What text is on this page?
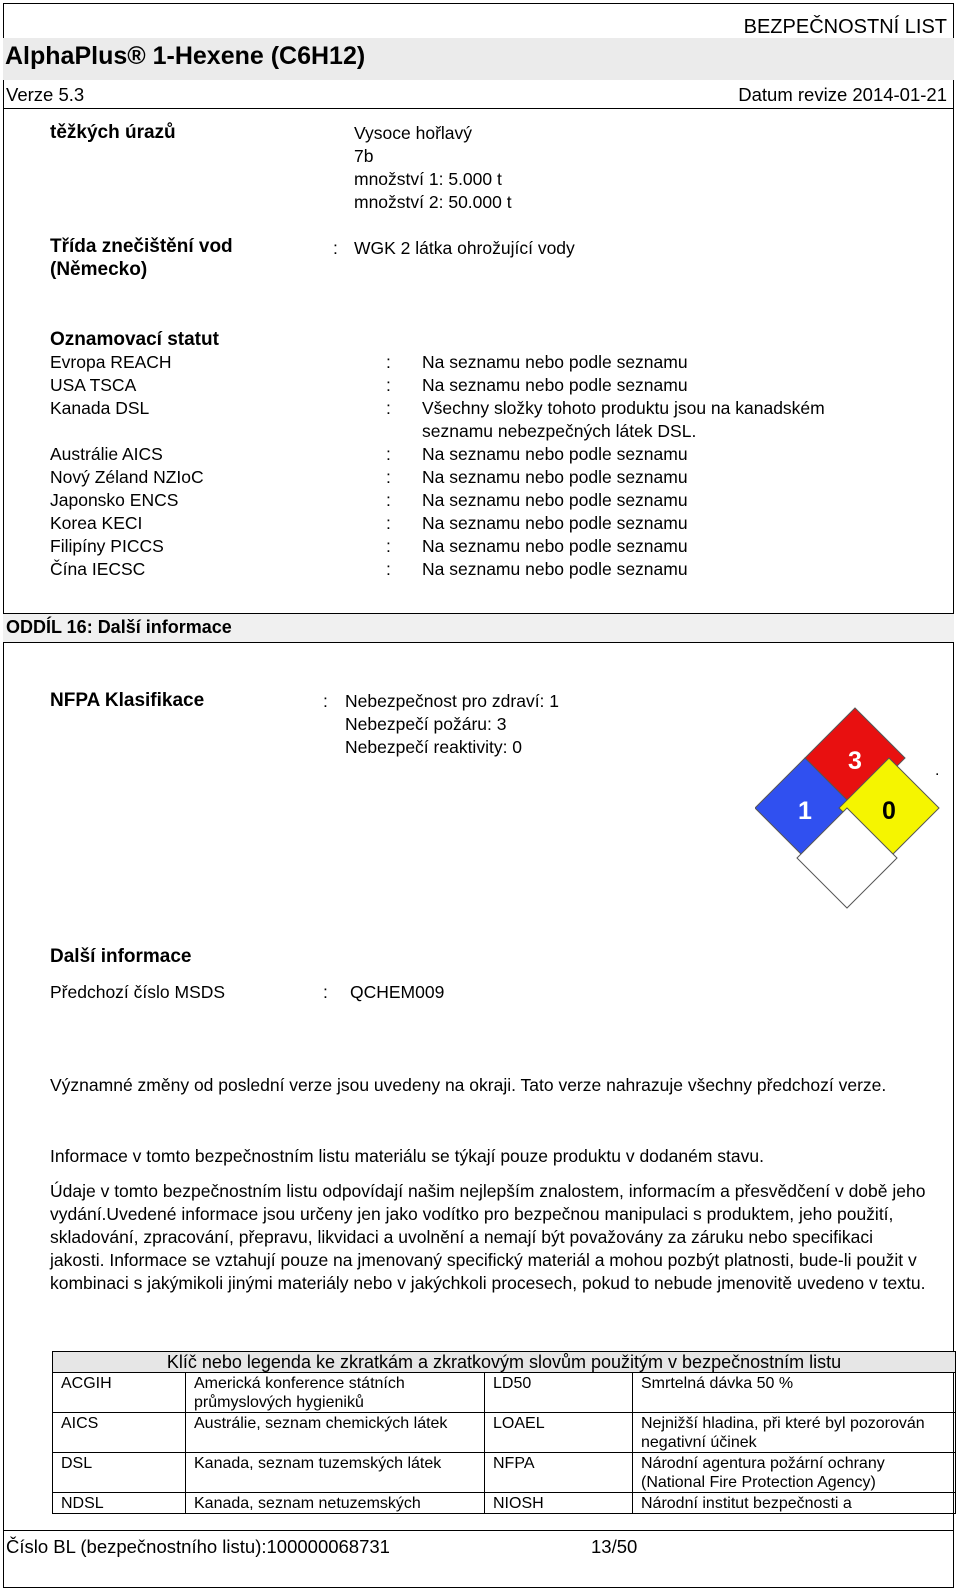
BEZPEČNOSTNÍ LIST
AlphaPlus® 1-Hexene (C6H12)
Verze 5.3	Datum revize 2014-01-21
těžkých úrazů	Vysoce hořlavý
7b
množství 1: 5.000 t
množství 2: 50.000 t
Třída znečištění vod
(Německo)
: WGK 2 látka ohrožující vody
Oznamovací statut
Evropa REACH	: Na seznamu nebo podle seznamu
USA TSCA	: Na seznamu nebo podle seznamu
Kanada DSL	: Všechny složky tohoto produktu jsou na kanadském
seznamu nebezpečných látek DSL.
Austrálie AICS	: Na seznamu nebo podle seznamu
Nový Zéland NZIoC	: Na seznamu nebo podle seznamu
Japonsko ENCS	: Na seznamu nebo podle seznamu
Korea KECI	: Na seznamu nebo podle seznamu
Filipíny PICCS	: Na seznamu nebo podle seznamu
Čína IECSC	: Na seznamu nebo podle seznamu
ODDÍL 16: Další informace
NFPA Klasifikace	: Nebezpečnost pro zdraví: 1
Nebezpečí požáru: 3
Nebezpečí reaktivity: 0	3
1	0
.
Další informace
Předchozí číslo MSDS	: QCHEM009
Významné změny od poslední verze jsou uvedeny na okraji. Tato verze nahrazuje všechny předchozí verze.
Informace v tomto bezpečnostním listu materiálu se týkají pouze produktu v dodaném stavu.
Údaje v tomto bezpečnostním listu odpovídají našim nejlepším znalostem, informacím a přesvědčení v době jeho vydání.Uvedené informace jsou určeny jen jako vodítko pro bezpečnou manipulaci s produktem, jeho použití, skladování, zpracování, přepravu, likvidaci a uvolnění a nemají být považovány za záruku nebo specifikaci jakosti. Informace se vztahují pouze na jmenovaný specifický materiál a mohou pozbýt platnosti, bude-li použit v kombinaci s jakýmikoli jinými materiály nebo v jakýchkoli procesech, pokud to nebude jmenovitě uvedeno v textu.
Klíč nebo legenda ke zkratkám a zkratkovým slovům použitým v bezpečnostním listu			
ACGIH	Americká konference státních průmyslových hygieniků	LD50	Smrtelná dávka 50 %
AICS	Austrálie, seznam chemických látek	LOAEL	Nejnižší hladina, při které byl pozorován negativní účinek
DSL	Kanada, seznam tuzemských látek	NFPA	Národní agentura požární ochrany (National Fire Protection Agency)
NDSL	Kanada, seznam netuzemských	NIOSH	Národní institut bezpečnosti a
Číslo BL (bezpečnostního listu):100000068731	13/50
